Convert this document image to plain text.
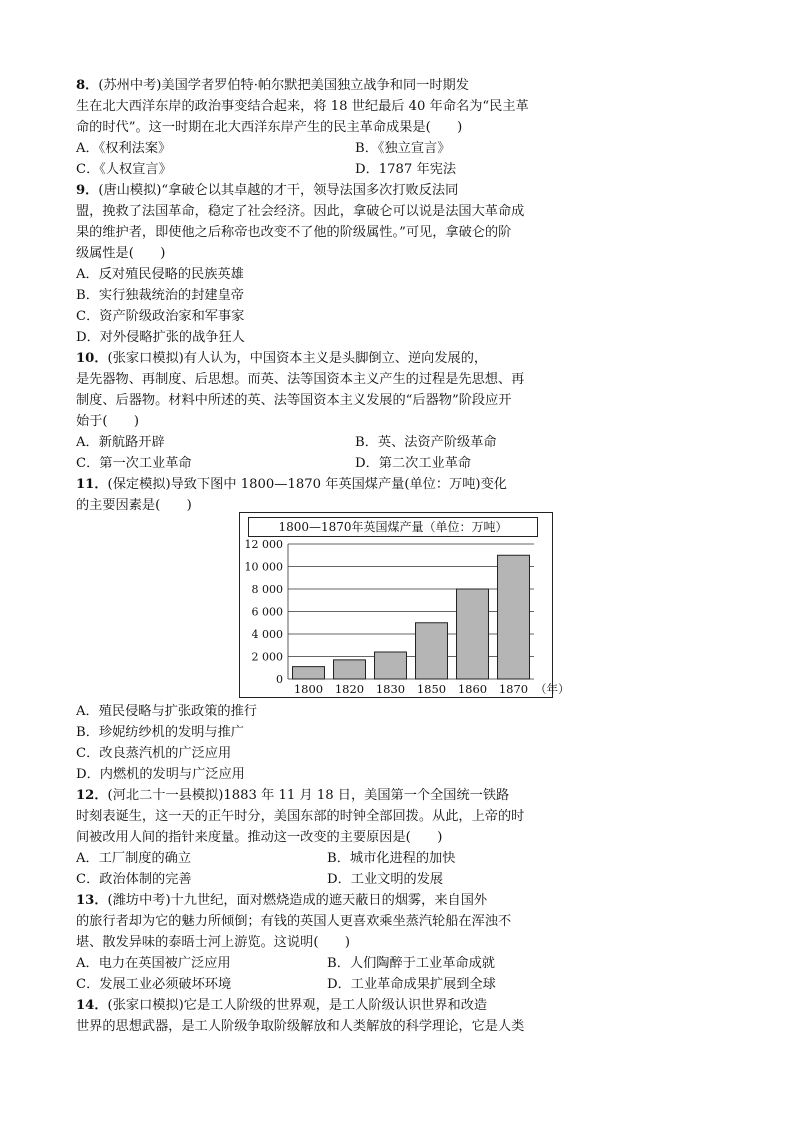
8．(苏州中考)美国学者罗伯特·帕尔默把美国独立战争和同一时期发
生在北大西洋东岸的政治事变结合起来，将 18 世纪最后 40 年命名为“民主革
命的时代”。这一时期在北大西洋东岸产生的民主革命成果是(　　)
A．《权利法案》	B．《独立宣言》
C．《人权宣言》	D．1787 年宪法
9．(唐山模拟)“拿破仑以其卓越的才干，领导法国多次打败反法同
盟，挽救了法国革命，稳定了社会经济。因此，拿破仑可以说是法国大革命成
果的维护者，即使他之后称帝也改变不了他的阶级属性。”可见，拿破仑的阶
级属性是(　　)
A．反对殖民侵略的民族英雄
B．实行独裁统治的封建皇帝
C．资产阶级政治家和军事家
D．对外侵略扩张的战争狂人
10．(张家口模拟)有人认为，中国资本主义是头脚倒立、逆向发展的，
是先器物、再制度、后思想。而英、法等国资本主义产生的过程是先思想、再
制度、后器物。材料中所述的英、法等国资本主义发展的“后器物”阶段应开
始于(　　)
A．新航路开辟	B．英、法资产阶级革命
C．第一次工业革命	D．第二次工业革命
11．(保定模拟)导致下图中 1800—1870 年英国煤产量(单位：万吨)变化
的主要因素是(　　)
1800—1870年英国煤产量（单位：万吨）
0
2 000
4 000
6 000
8 000
10 000
12 000
1800 1820 1830 1850 1860 1870 （年）
A．殖民侵略与扩张政策的推行
B．珍妮纺纱机的发明与推广
C．改良蒸汽机的广泛应用
D．内燃机的发明与广泛应用
12．(河北二十一县模拟)1883 年 11 月 18 日，美国第一个全国统一铁路
时刻表诞生，这一天的正午时分，美国东部的时钟全部回拨。从此，上帝的时
间被改用人间的指针来度量。推动这一改变的主要原因是(　　)
A．工厂制度的确立	B．城市化进程的加快
C．政治体制的完善	D．工业文明的发展
13．(潍坊中考)十九世纪，面对燃烧造成的遮天蔽日的烟雾，来自国外
的旅行者却为它的魅力所倾倒；有钱的英国人更喜欢乘坐蒸汽轮船在浑浊不
堪、散发异味的泰晤士河上游览。这说明(　　)
A．电力在英国被广泛应用	B．人们陶醉于工业革命成就
C．发展工业必须破坏环境	D．工业革命成果扩展到全球
14．(张家口模拟)它是工人阶级的世界观，是工人阶级认识世界和改造
世界的思想武器，是工人阶级争取阶级解放和人类解放的科学理论，它是人类
